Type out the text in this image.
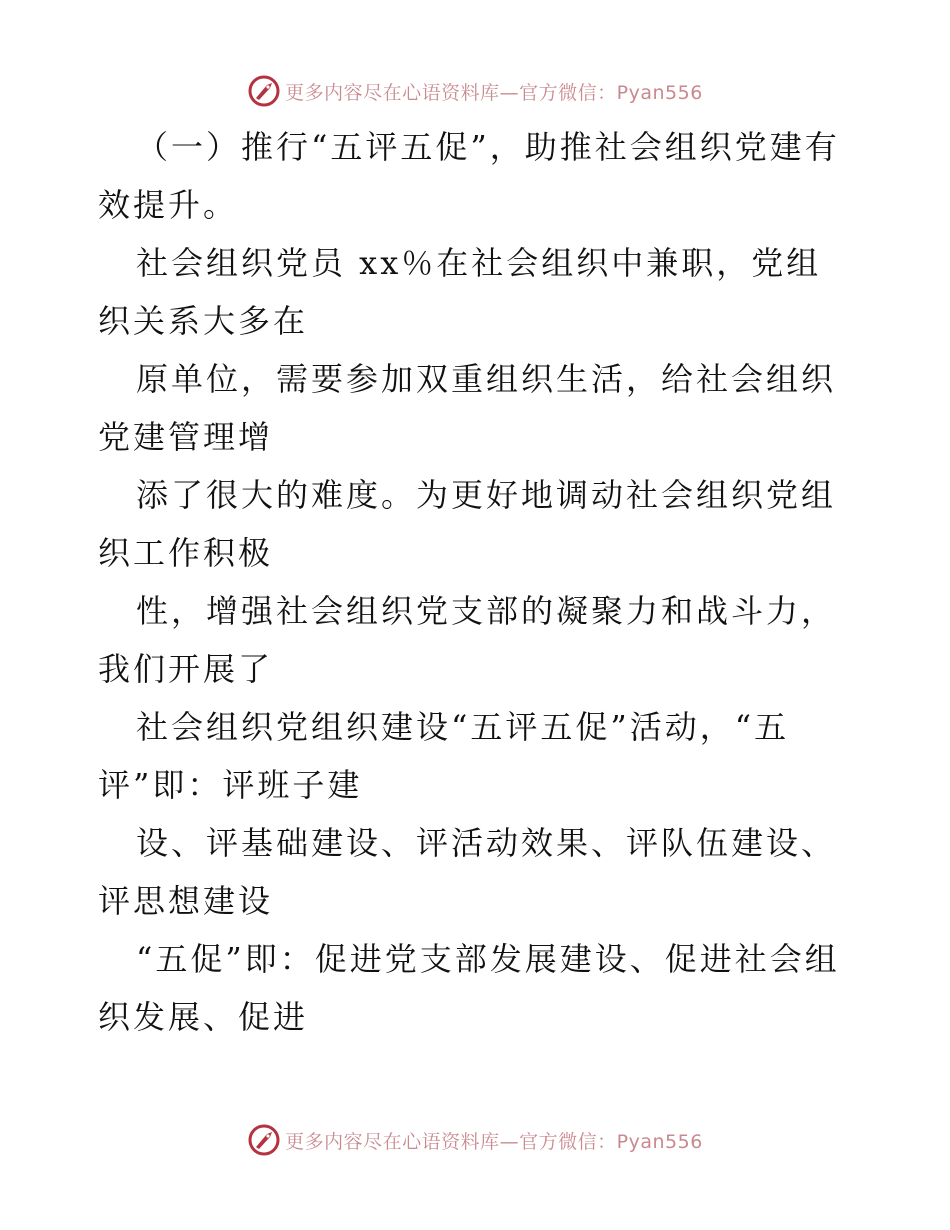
更多内容尽在心语资料库—官方微信：Pyan556

（一）推行“五评五促”，助推社会组织党建有效提升。

社会组织党员 xx％在社会组织中兼职，党组织关系大多在

原单位，需要参加双重组织生活，给社会组织党建管理增

添了很大的难度。为更好地调动社会组织党组织工作积极

性，增强社会组织党支部的凝聚力和战斗力，我们开展了

社会组织党组织建设“五评五促”活动，“五评”即：评班子建

设、评基础建设、评活动效果、评队伍建设、评思想建设

“五促”即：促进党支部发展建设、促进社会组织发展、促进

更多内容尽在心语资料库—官方微信：Pyan556
